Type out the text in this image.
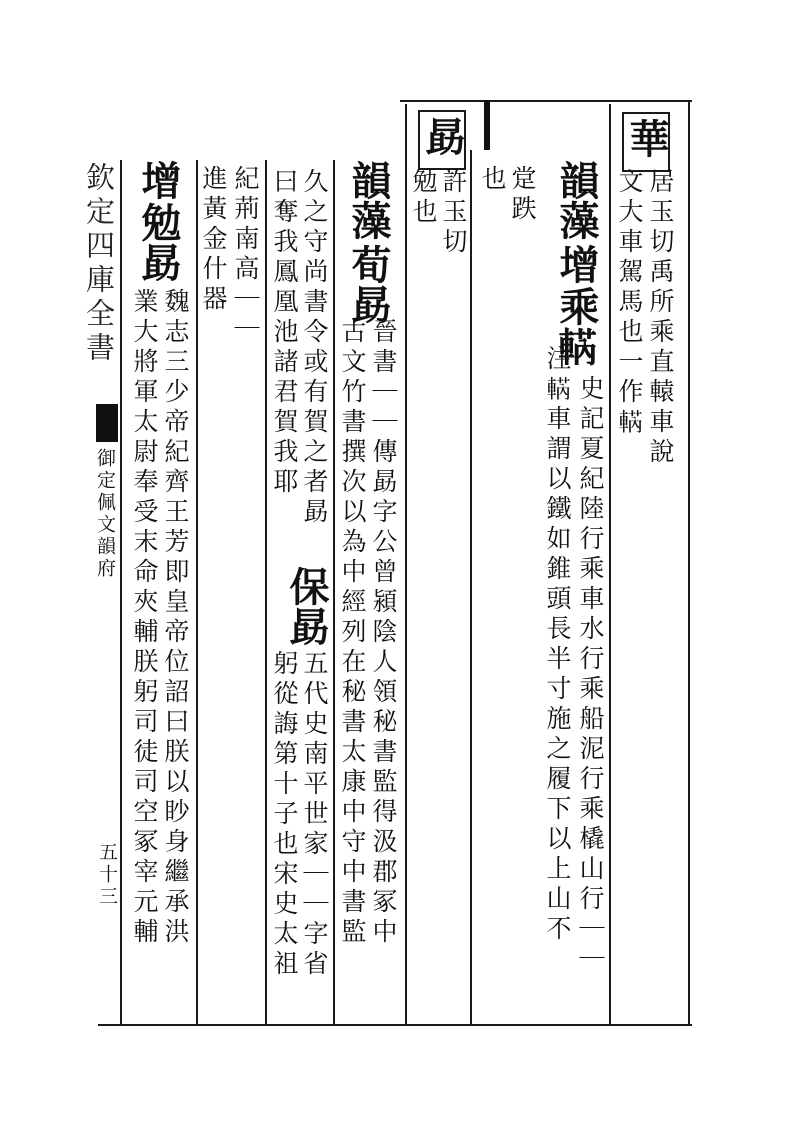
欽定四庫全書
御定佩文韻府
五十三
華
居玉切禹所乘直轅車說
文大車駕馬也一作𨌣
韻藻
增
乘𨌣
史記夏紀陸行乘車水行乘船泥行乘橇山行｜｜
注𨌣車謂以鐵如錐頭長半寸施之履下以上山不
䟫跌
也
勗
許玉切
勉也
韻藻
荀勗
晉書｜｜傳勗字公曾潁陰人領秘書監得汲郡冢中
古文竹書撰次以為中經列在秘書太康中守中書監
久之守尚書令或有賀之者勗
保勗
五代史南平世家｜｜字省
躬從誨第十子也宋史太祖
曰奪我鳳凰池諸君賀我耶
紀荊南高｜｜
進黃金什器
增
勉勗
魏志三少帝紀齊王芳即皇帝位詔曰朕以眇身繼承洪
業大將軍太尉奉受末命夾輔朕躬司徒司空冢宰元輔
